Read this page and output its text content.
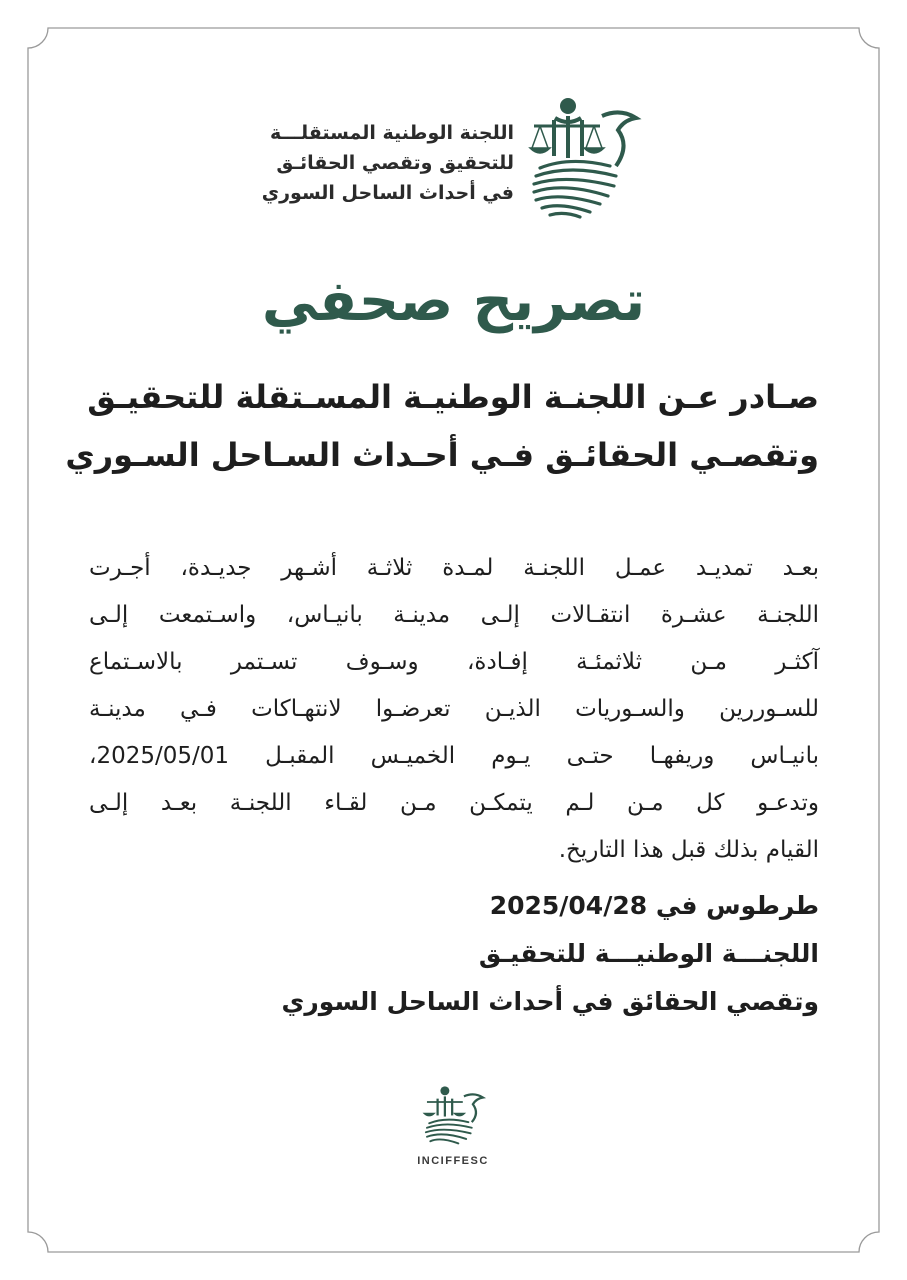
اللجنة الوطنية المستقلـــة
للتحقيق وتقصي الحقائـق
في أحداث الساحل السوري
تصريح صحفي
صـادر عـن اللجنـة الوطنيـة المسـتقلة للتحقيـق
وتقصـي الحقائـق فـي أحـداث السـاحل السـوري
بعـد تمديـد عمـل اللجنـة لمـدة ثلاثـة أشـهر جديـدة، أجـرت
اللجنـة عشـرة انتقـالات إلـى مدينـة بانيـاس، واسـتمعت إلـى
آكثـر مـن ثلاثمئـة إفـادة، وسـوف تسـتمر بالاسـتماع
للسـوررين والسـوريات الذيـن تعرضـوا لانتهـاكات فـي مدينـة
بانيـاس وريفهـا حتـى يـوم الخميـس المقبـل 2025/05/01،
وتدعـو كل مـن لـم يتمكـن مـن لقـاء اللجنـة بعـد إلـى
القيام بذلك قبل هذا التاريخ.
طرطوس في 2025/04/28
اللجنـــة الوطنيـــة للتحقيـق
وتقصي الحقائق في أحداث الساحل السوري
INCIFFESC
